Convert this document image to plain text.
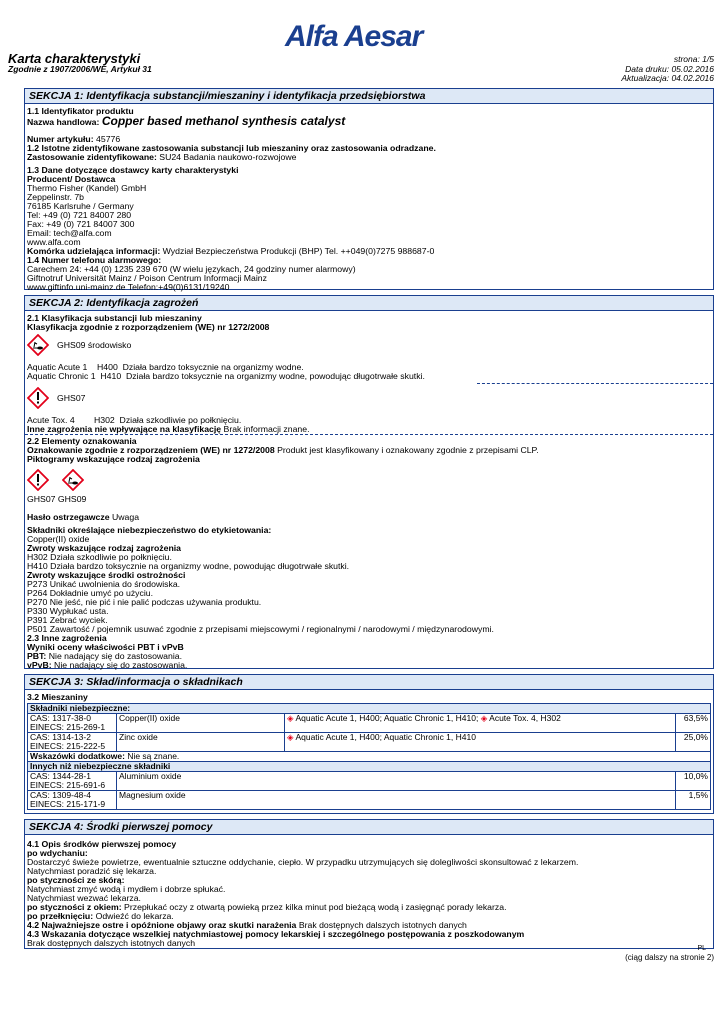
Alfa Aesar
Karta charakterystyki
Zgodnie z 1907/2006/WE, Artykuł 31
strona: 1/5
Data druku: 05.02.2016
Aktualizacja: 04.02.2016
SEKCJA 1: Identyfikacja substancji/mieszaniny i identyfikacja przedsiębiorstwa
1.1 Identyfikator produktu
Nazwa handlowa: Copper based methanol synthesis catalyst
Numer artykułu: 45776
1.2 Istotne zidentyfikowane zastosowania substancji lub mieszaniny oraz zastosowania odradzane.
Zastosowanie zidentyfikowane: SU24 Badania naukowo-rozwojowe
1.3 Dane dotyczące dostawcy karty charakterystyki
Producent/ Dostawca
Thermo Fisher (Kandel) GmbH
Zeppelinstr. 7b
76185 Karlsruhe / Germany
Tel: +49 (0) 721 84007 280
Fax: +49 (0) 721 84007 300
Email: tech@alfa.com
www.alfa.com
Komórka udzielająca informacji: Wydział Bezpieczeństwa Produkcji (BHP) Tel. ++049(0)7275 988687-0
1.4 Numer telefonu alarmowego:
Carechem 24: +44 (0) 1235 239 670 (W wielu językach, 24 godziny numer alarmowy)
Giftnotruf Universität Mainz / Poison Centrum Informacji Mainz
www.giftinfo.uni-mainz.de Telefon:+49(0)6131/19240
SEKCJA 2: Identyfikacja zagrożeń
2.1 Klasyfikacja substancji lub mieszaniny
Klasyfikacja zgodnie z rozporządzeniem (WE) nr 1272/2008
GHS09 środowisko
Aquatic Acute 1    H400  Działa bardzo toksycznie na organizmy wodne.
Aquatic Chronic 1  H410  Działa bardzo toksycznie na organizmy wodne, powodując długotrwałe skutki.
GHS07
Acute Tox. 4        H302  Działa szkodliwie po połknięciu.
Inne zagrożenia nie wpływające na klasyfikację Brak informacji znane.
2.2 Elementy oznakowania
Oznakowanie zgodnie z rozporządzeniem (WE) nr 1272/2008 Produkt jest klasyfikowany i oznakowany zgodnie z przepisami CLP.
Piktogramy wskazujące rodzaj zagrożenia
GHS07 GHS09
Hasło ostrzegawcze Uwaga
Składniki określające niebezpieczeństwo do etykietowania:
Copper(II) oxide
Zwroty wskazujące rodzaj zagrożenia
H302 Działa szkodliwie po połknięciu.
H410 Działa bardzo toksycznie na organizmy wodne, powodując długotrwałe skutki.
Zwroty wskazujące środki ostrożności
P273 Unikać uwolnienia do środowiska.
P264 Dokładnie umyć po użyciu.
P270 Nie jeść, nie pić i nie palić podczas używania produktu.
P330 Wypłukać usta.
P391 Zebrać wyciek.
P501 Zawartość / pojemnik usuwać zgodnie z przepisami miejscowymi / regionalnymi / narodowymi / międzynarodowymi.
2.3 Inne zagrożenia
Wyniki oceny właściwości PBT i vPvB
PBT: Nie nadający się do zastosowania.
vPvB: Nie nadający się do zastosowania.
SEKCJA 3: Skład/informacja o składnikach
3.2 Mieszaniny
Składniki niebezpieczne:			

CAS: 1317-38-0
EINECS: 215-269-1	Copper(II) oxide	◈ Aquatic Acute 1, H400; Aquatic Chronic 1, H410; ◈ Acute Tox. 4, H302	63,5%

CAS: 1314-13-2
EINECS: 215-222-5	Zinc oxide	◈ Aquatic Acute 1, H400; Aquatic Chronic 1, H410	25,0%
Wskazówki dodatkowe: Nie są znane.			
Innych niż niebezpieczne składniki			

CAS: 1344-28-1
EINECS: 215-691-6	Aluminium oxide		10,0%

CAS: 1309-48-4
EINECS: 215-171-9	Magnesium oxide		1,5%
SEKCJA 4: Środki pierwszej pomocy
4.1 Opis środków pierwszej pomocy
po wdychaniu:
Dostarczyć świeże powietrze, ewentualnie sztuczne oddychanie, ciepło. W przypadku utrzymujących się dolegliwości skonsultować z lekarzem.
Natychmiast poradzić się lekarza.
po styczności ze skórą:
Natychmiast zmyć wodą i mydłem i dobrze spłukać.
Natychmiast wezwać lekarza.
po styczności z okiem: Przepłukać oczy z otwartą powieką przez kilka minut pod bieżącą wodą i zasięgnąć porady lekarza.
po przełknięciu: Odwieźć do lekarza.
4.2 Najważniejsze ostre i opóźnione objawy oraz skutki narażenia Brak dostępnych dalszych istotnych danych
4.3 Wskazania dotyczące wszelkiej natychmiastowej pomocy lekarskiej i szczególnego postępowania z poszkodowanym
Brak dostępnych dalszych istotnych danych
PL
(ciąg dalszy na stronie 2)
